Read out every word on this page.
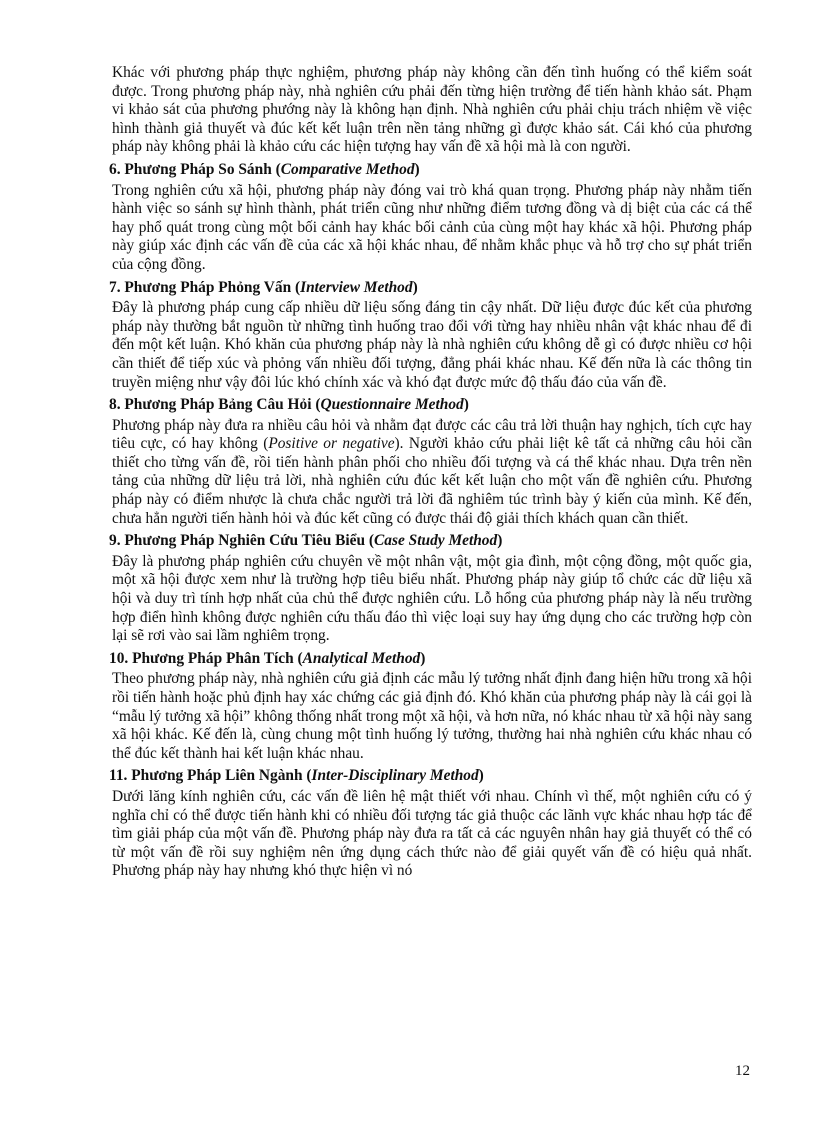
Khác với phương pháp thực nghiệm, phương pháp này không cần đến tình huống có thể kiểm soát được. Trong phương pháp này, nhà nghiên cứu phải đến từng hiện trường để tiến hành khảo sát. Phạm vi khảo sát của phương phướng này là không hạn định. Nhà nghiên cứu phải chịu trách nhiệm về việc hình thành giả thuyết và đúc kết kết luận trên nền tảng những gì được khảo sát. Cái khó của phương pháp này không phải là khảo cứu các hiện tượng hay vấn đề xã hội mà là con người.

6. Phương Pháp So Sánh (Comparative Method)

Trong nghiên cứu xã hội, phương pháp này đóng vai trò khá quan trọng. Phương pháp này nhằm tiến hành việc so sánh sự hình thành, phát triển cũng như những điểm tương đồng và dị biệt của các cá thể hay phổ quát trong cùng một bối cảnh hay khác bối cảnh của cùng một hay khác xã hội. Phương pháp này giúp xác định các vấn đề của các xã hội khác nhau, để nhằm khắc phục và hỗ trợ cho sự phát triển của cộng đồng.

7. Phương Pháp Phỏng Vấn (Interview Method)

Đây là phương pháp cung cấp nhiều dữ liệu sống đáng tin cậy nhất. Dữ liệu được đúc kết của phương pháp này thường bắt nguồn từ những tình huống trao đổi với từng hay nhiều nhân vật khác nhau để đi đến một kết luận. Khó khăn của phương pháp này là nhà nghiên cứu không dễ gì có được nhiều cơ hội cần thiết để tiếp xúc và phỏng vấn nhiều đối tượng, đẳng phái khác nhau. Kế đến nữa là các thông tin truyền miệng như vậy đôi lúc khó chính xác và khó đạt được mức độ thấu đáo của vấn đề.

8. Phương Pháp Bảng Câu Hỏi (Questionnaire Method)

Phương pháp này đưa ra nhiều câu hỏi và nhằm đạt được các câu trả lời thuận hay nghịch, tích cực hay tiêu cực, có hay không (Positive or negative). Người khảo cứu phải liệt kê tất cả những câu hỏi cần thiết cho từng vấn đề, rồi tiến hành phân phối cho nhiều đối tượng và cá thể khác nhau. Dựa trên nền tảng của những dữ liệu trả lời, nhà nghiên cứu đúc kết kết luận cho một vấn đề nghiên cứu. Phương pháp này có điểm nhược là chưa chắc người trả lời đã nghiêm túc trình bày ý kiến của mình. Kế đến, chưa hẳn người tiến hành hỏi và đúc kết cũng có được thái độ giải thích khách quan cần thiết.

9. Phương Pháp Nghiên Cứu Tiêu Biểu (Case Study Method)

Đây là phương pháp nghiên cứu chuyên về một nhân vật, một gia đình, một cộng đồng, một quốc gia, một xã hội được xem như là trường hợp tiêu biểu nhất. Phương pháp này giúp tổ chức các dữ liệu xã hội và duy trì tính hợp nhất của chủ thể được nghiên cứu. Lỗ hổng của phương pháp này là nếu trường hợp điển hình không được nghiên cứu thấu đáo thì việc loại suy hay ứng dụng cho các trường hợp còn lại sẽ rơi vào sai lầm nghiêm trọng.

10. Phương Pháp Phân Tích (Analytical Method)

Theo phương pháp này, nhà nghiên cứu giả định các mẫu lý tưởng nhất định đang hiện hữu trong xã hội rồi tiến hành hoặc phủ định hay xác chứng các giả định đó. Khó khăn của phương pháp này là cái gọi là “mẫu lý tưởng xã hội” không thống nhất trong một xã hội, và hơn nữa, nó khác nhau từ xã hội này sang xã hội khác. Kế đến là, cùng chung một tình huống lý tưởng, thường hai nhà nghiên cứu khác nhau có thể đúc kết thành hai kết luận khác nhau.

11. Phương Pháp Liên Ngành (Inter-Disciplinary Method)

Dưới lăng kính nghiên cứu, các vấn đề liên hệ mật thiết với nhau. Chính vì thế, một nghiên cứu có ý nghĩa chỉ có thể được tiến hành khi có nhiều đối tượng tác giả thuộc các lãnh vực khác nhau hợp tác để tìm giải pháp của một vấn đề. Phương pháp này đưa ra tất cả các nguyên nhân hay giả thuyết có thể có từ một vấn đề rồi suy nghiệm nên ứng dụng cách thức nào để giải quyết vấn đề có hiệu quả nhất. Phương pháp này hay nhưng khó thực hiện vì nó

12
